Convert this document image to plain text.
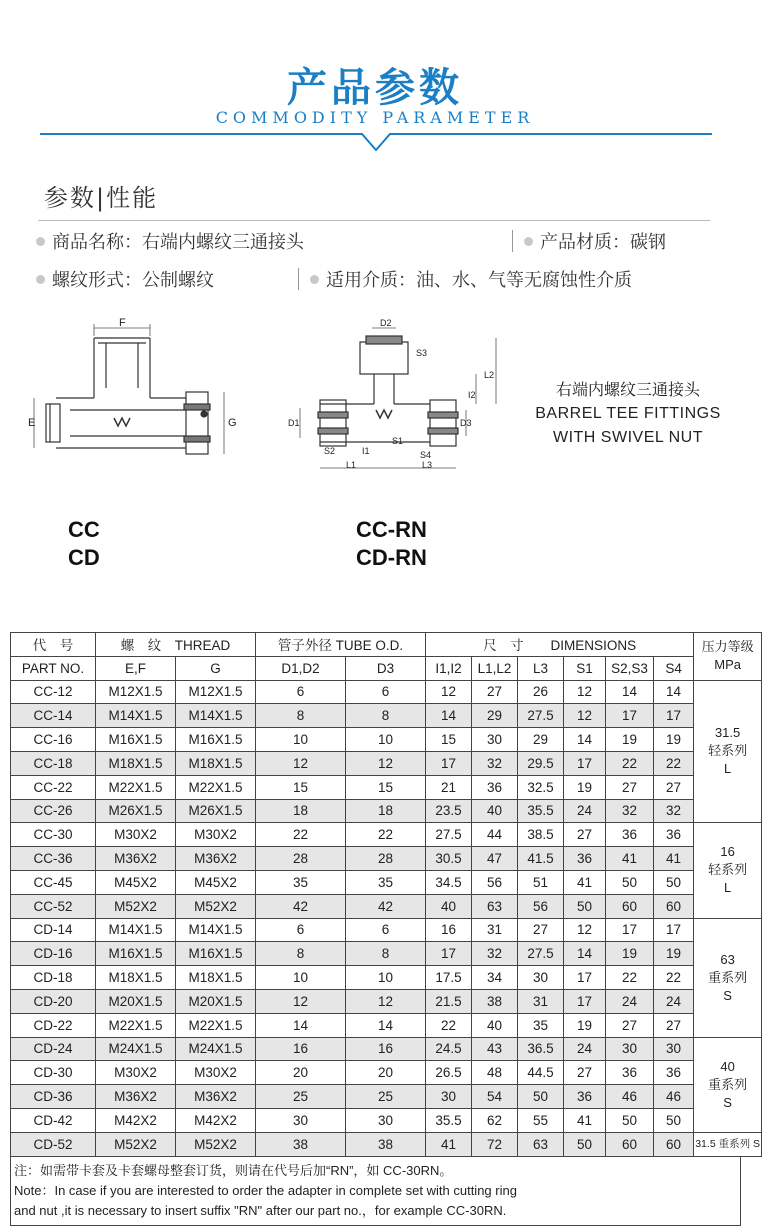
产品参数
COMMODITY PARAMETER
参数|性能
商品名称：右端内螺纹三通接头	产品材质：碳钢
螺纹形式：公制螺纹	适用介质：油、水、气等无腐蚀性介质
F
E	G
D2
S3
L2
I2
D1	D3
S1
S2	I1	S4
L1	L3
右端内螺纹三通接头
BARREL TEE FITTINGS
WITH SWIVEL NUT
CC
CD
CC-RN
CD-RN
代　号	螺　纹　THREAD		管子外径 TUBE O.D.		尺　寸　　DIMENSIONS						压力等级
MPa
PART NO.	E,F	G	D1,D2	D3	I1,I2	L1,L2	L3	S1	S2,S3	S4	
CC-12	M12X1.5	M12X1.5	6	6	12	27	26	12	14	14	31.5
轻系列
L

CC-14	M14X1.5	M14X1.5	8	8	14	29	27.5	12	17	17	
CC-16	M16X1.5	M16X1.5	10	10	15	30	29	14	19	19	
CC-18	M18X1.5	M18X1.5	12	12	17	32	29.5	17	22	22	
CC-22	M22X1.5	M22X1.5	15	15	21	36	32.5	19	27	27	
CC-26	M26X1.5	M26X1.5	18	18	23.5	40	35.5	24	32	32	
CC-30	M30X2	M30X2	22	22	27.5	44	38.5	27	36	36	16
轻系列
L

CC-36	M36X2	M36X2	28	28	30.5	47	41.5	36	41	41	
CC-45	M45X2	M45X2	35	35	34.5	56	51	41	50	50	
CC-52	M52X2	M52X2	42	42	40	63	56	50	60	60	
CD-14	M14X1.5	M14X1.5	6	6	16	31	27	12	17	17	63
重系列
S

CD-16	M16X1.5	M16X1.5	8	8	17	32	27.5	14	19	19	
CD-18	M18X1.5	M18X1.5	10	10	17.5	34	30	17	22	22	
CD-20	M20X1.5	M20X1.5	12	12	21.5	38	31	17	24	24	
CD-22	M22X1.5	M22X1.5	14	14	22	40	35	19	27	27	
CD-24	M24X1.5	M24X1.5	16	16	24.5	43	36.5	24	30	30	40
重系列
S

CD-30	M30X2	M30X2	20	20	26.5	48	44.5	27	36	36	
CD-36	M36X2	M36X2	25	25	30	54	50	36	46	46	
CD-42	M42X2	M42X2	30	30	35.5	62	55	41	50	50	
CD-52	M52X2	M52X2	38	38	41	72	63	50	60	60	31.5 重系列 S
注：如需带卡套及卡套螺母整套订货，则请在代号后加“RN”，如 CC-30RN。
Note：In case if you are interested to order the adapter in complete set with cutting ring
and nut ,it is necessary to insert suffix "RN" after our part no.，for example CC-30RN.
